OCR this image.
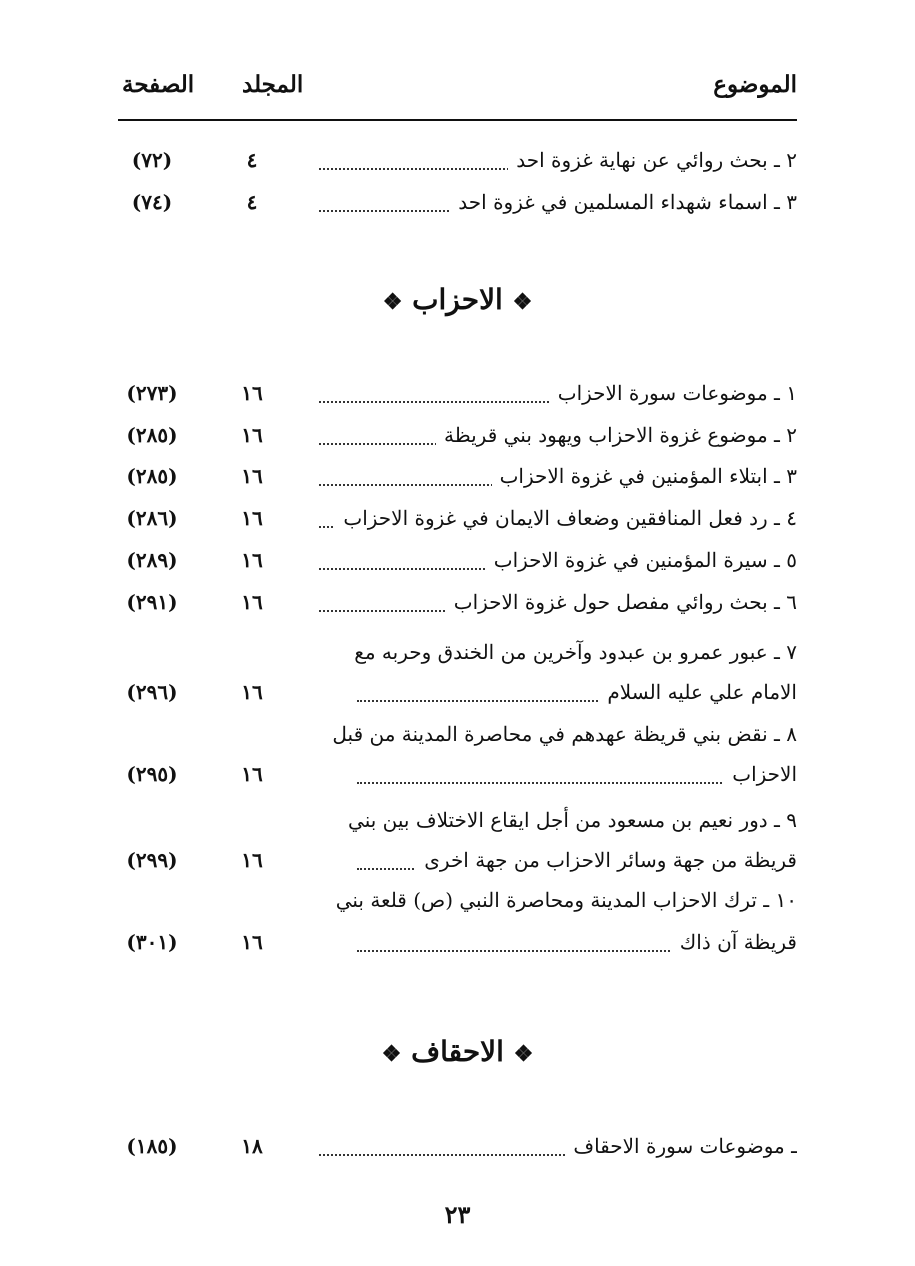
الموضوع
المجلد
الصفحة
٢ ـ بحث روائي عن نهاية غزوة احد
٤
(٧٢)
٣ ـ اسماء شهداء المسلمين في غزوة احد
٤
(٧٤)
❖ الاحزاب ❖
١ ـ موضوعات سورة الاحزاب
١٦
(٢٧٣)
٢ ـ موضوع غزوة الاحزاب ويهود بني قريظة
١٦
(٢٨٥)
٣ ـ ابتلاء المؤمنين في غزوة الاحزاب
١٦
(٢٨٥)
٤ ـ رد فعل المنافقين وضعاف الايمان في غزوة الاحزاب
١٦
(٢٨٦)
٥ ـ سيرة المؤمنين في غزوة الاحزاب
١٦
(٢٨٩)
٦ ـ بحث روائي مفصل حول غزوة الاحزاب
١٦
(٢٩١)
٧ ـ عبور عمرو بن عبدود وآخرين من الخندق وحربه مع
الامام علي عليه السلام
١٦
(٢٩٦)
٨ ـ نقض بني قريظة عهدهم في محاصرة المدينة من قبل
الاحزاب
١٦
(٢٩٥)
٩ ـ دور نعيم بن مسعود من أجل ايقاع الاختلاف بين بني
قريظة من جهة وسائر الاحزاب من جهة اخرى
١٦
(٢٩٩)
١٠ ـ ترك الاحزاب المدينة ومحاصرة النبي (ص) قلعة بني
قريظة آن ذاك
١٦
(٣٠١)
❖ الاحقاف ❖
ـ موضوعات سورة الاحقاف
١٨
(١٨٥)
٢٣
